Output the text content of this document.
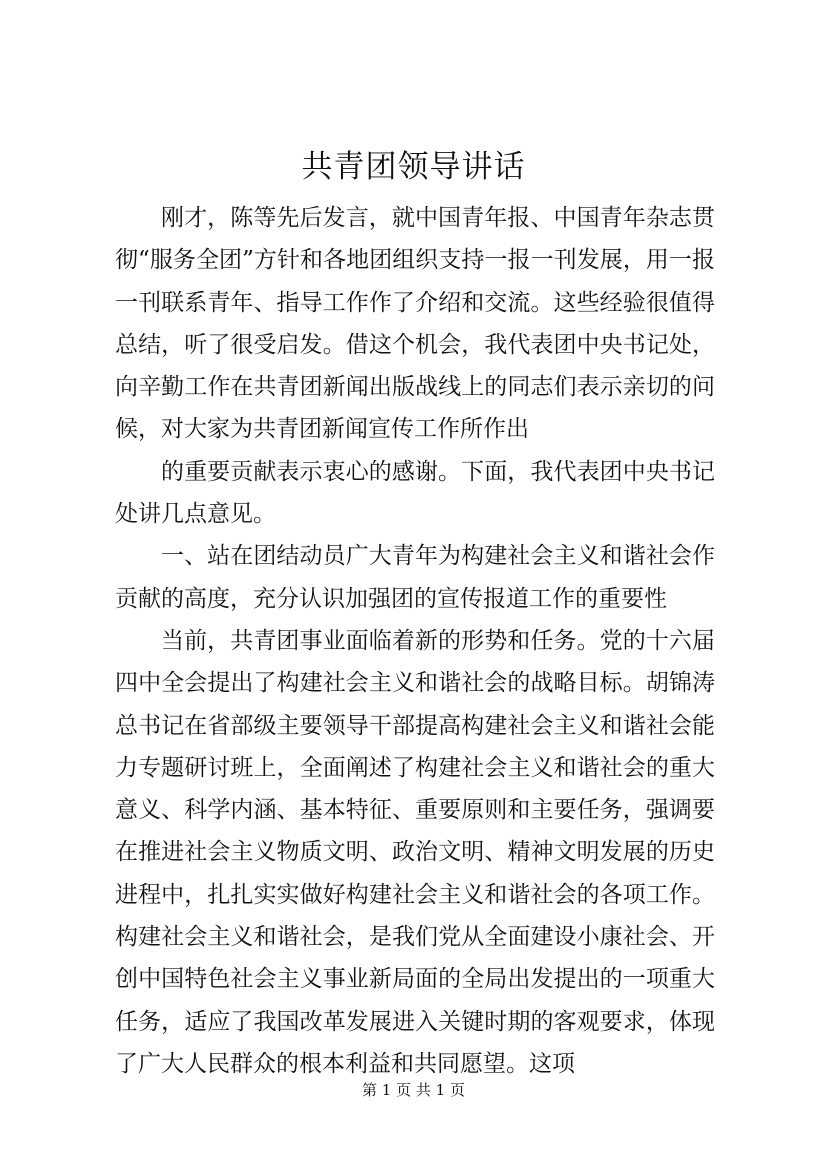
共青团领导讲话

刚才，陈等先后发言，就中国青年报、中国青年杂志贯彻“服务全团”方针和各地团组织支持一报一刊发展，用一报一刊联系青年、指导工作作了介绍和交流。这些经验很值得总结，听了很受启发。借这个机会，我代表团中央书记处，向辛勤工作在共青团新闻出版战线上的同志们表示亲切的问候，对大家为共青团新闻宣传工作所作出

的重要贡献表示衷心的感谢。下面，我代表团中央书记处讲几点意见。

一、站在团结动员广大青年为构建社会主义和谐社会作贡献的高度，充分认识加强团的宣传报道工作的重要性

当前，共青团事业面临着新的形势和任务。党的十六届四中全会提出了构建社会主义和谐社会的战略目标。胡锦涛总书记在省部级主要领导干部提高构建社会主义和谐社会能力专题研讨班上，全面阐述了构建社会主义和谐社会的重大意义、科学内涵、基本特征、重要原则和主要任务，强调要在推进社会主义物质文明、政治文明、精神文明发展的历史进程中，扎扎实实做好构建社会主义和谐社会的各项工作。构建社会主义和谐社会，是我们党从全面建设小康社会、开创中国特色社会主义事业新局面的全局出发提出的一项重大任务，适应了我国改革发展进入关键时期的客观要求，体现了广大人民群众的根本利益和共同愿望。这项

第 1 页 共 1 页
